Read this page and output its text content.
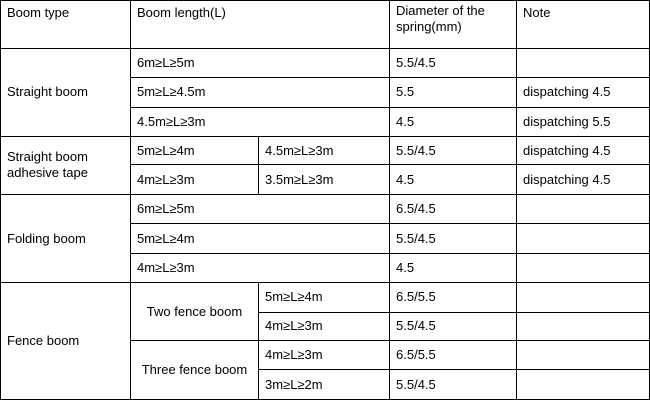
Boom type	Boom length(L)		Diameter of the spring(mm)	Note
Straight boom	6m≥L≥5m		5.5/4.5	
	5m≥L≥4.5m		5.5	dispatching 4.5
	4.5m≥L≥3m		4.5	dispatching 5.5
Straight boom adhesive tape	5m≥L≥4m	4.5m≥L≥3m	5.5/4.5	dispatching 4.5
	4m≥L≥3m	3.5m≥L≥3m	4.5	dispatching 4.5
Folding boom	6m≥L≥5m		6.5/4.5	
	5m≥L≥4m		5.5/4.5	
	4m≥L≥3m		4.5	
Fence boom	Two fence boom	5m≥L≥4m	6.5/5.5	
		4m≥L≥3m	5.5/4.5	
	Three fence boom	4m≥L≥3m	6.5/5.5	
		3m≥L≥2m	5.5/4.5	
